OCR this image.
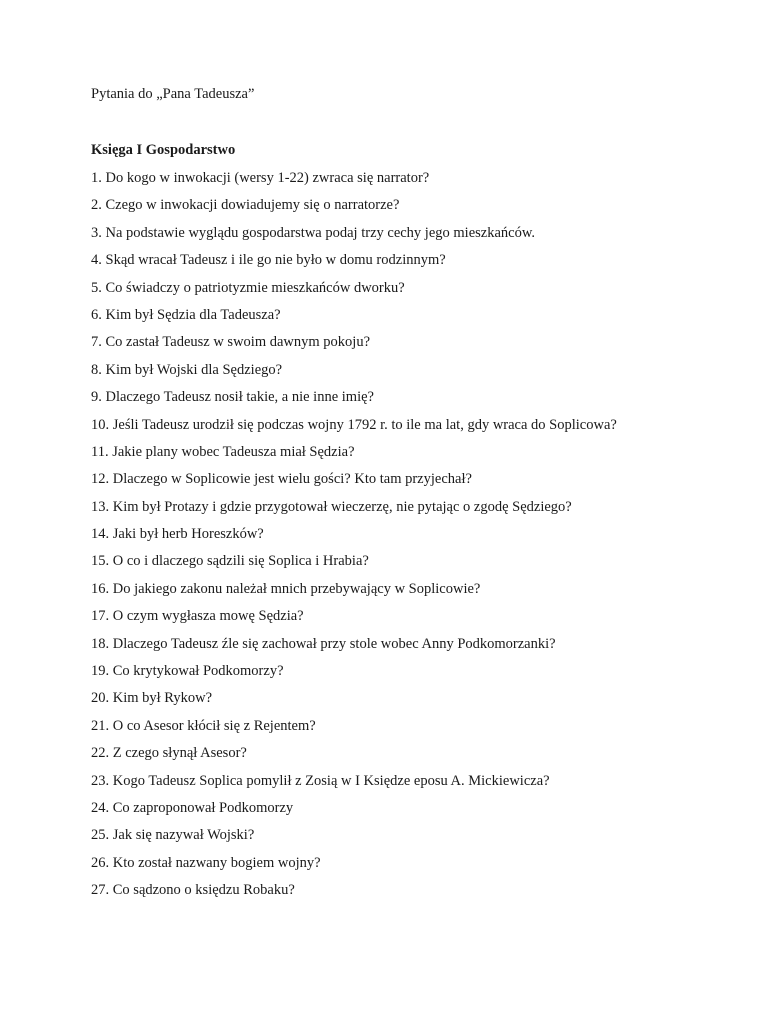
Pytania do „Pana Tadeusza”

Księga I Gospodarstwo

1. Do kogo w inwokacji (wersy 1-22) zwraca się narrator?
2. Czego w inwokacji dowiadujemy się o narratorze?
3. Na podstawie wyglądu gospodarstwa podaj trzy cechy jego mieszkańców.
4. Skąd wracał Tadeusz i ile go nie było w domu rodzinnym?
5. Co świadczy o patriotyzmie mieszkańców dworku?
6. Kim był Sędzia dla Tadeusza?
7. Co zastał Tadeusz w swoim dawnym pokoju?
8. Kim był Wojski dla Sędziego?
9. Dlaczego Tadeusz nosił takie, a nie inne imię?
10. Jeśli Tadeusz urodził się podczas wojny 1792 r. to ile ma lat, gdy wraca do Soplicowa?
11. Jakie plany wobec Tadeusza miał Sędzia?
12. Dlaczego w Soplicowie jest wielu gości? Kto tam przyjechał?
13. Kim był Protazy i gdzie przygotował wieczerzę, nie pytając o zgodę Sędziego?
14. Jaki był herb Horeszków?
15. O co i dlaczego sądzili się Soplica i Hrabia?
16. Do jakiego zakonu należał mnich przebywający w Soplicowie?
17. O czym wygłasza mowę Sędzia?
18. Dlaczego Tadeusz źle się zachował przy stole wobec Anny Podkomorzanki?
19. Co krytykował Podkomorzy?
20. Kim był Rykow?
21. O co Asesor kłócił się z Rejentem?
22. Z czego słynął Asesor?
23. Kogo Tadeusz Soplica pomylił z Zosią w I Księdze eposu A. Mickiewicza?
24. Co zaproponował Podkomorzy
25. Jak się nazywał Wojski?
26. Kto został nazwany bogiem wojny?
27. Co sądzono o księdzu Robaku?
